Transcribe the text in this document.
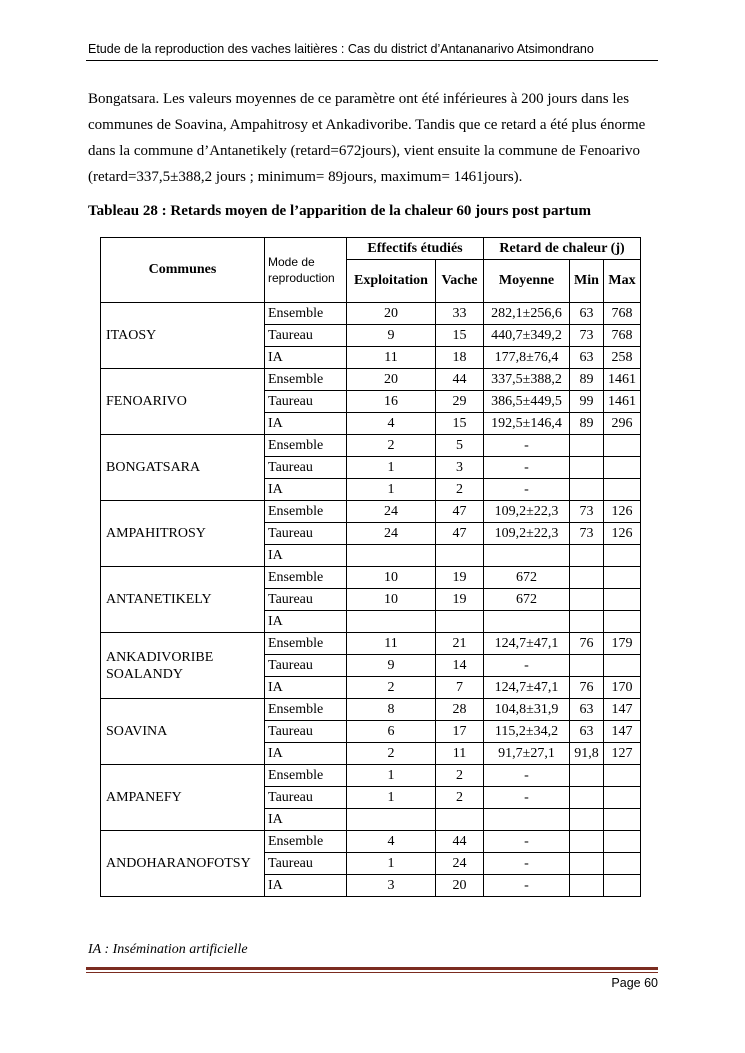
Etude de la reproduction des vaches laitières : Cas du district d’Antananarivo Atsimondrano

Bongatsara. Les valeurs moyennes de ce paramètre ont été inférieures à 200 jours dans les communes de Soavina, Ampahitrosy et Ankadivoribe. Tandis que ce retard a été plus énorme dans la commune d’Antanetikely (retard=672jours), vient ensuite la commune de Fenoarivo (retard=337,5±388,2 jours ; minimum= 89jours, maximum= 1461jours).

Tableau 28 : Retards moyen de l’apparition de la chaleur 60 jours post partum
Communes	Mode de reproduction	Effectifs étudiés		Retard de chaleur (j)		
		Exploitation	Vache	Moyenne	Min	Max
ITAOSY	Ensemble	20	33	282,1±256,6	63	768
	Taureau	9	15	440,7±349,2	73	768
	IA	11	18	177,8±76,4	63	258
FENOARIVO	Ensemble	20	44	337,5±388,2	89	1461
	Taureau	16	29	386,5±449,5	99	1461
	IA	4	15	192,5±146,4	89	296
BONGATSARA	Ensemble	2	5	-		
	Taureau	1	3	-		
	IA	1	2	-		
AMPAHITROSY	Ensemble	24	47	109,2±22,3	73	126
	Taureau	24	47	109,2±22,3	73	126
	IA					
ANTANETIKELY	Ensemble	10	19	672		
	Taureau	10	19	672		
	IA					
ANKADIVORIBE SOALANDY	Ensemble	11	21	124,7±47,1	76	179
	Taureau	9	14	-		
	IA	2	7	124,7±47,1	76	170
SOAVINA	Ensemble	8	28	104,8±31,9	63	147
	Taureau	6	17	115,2±34,2	63	147
	IA	2	11	91,7±27,1	91,8	127
AMPANEFY	Ensemble	1	2	-		
	Taureau	1	2	-		
	IA					
ANDOHARANOFOTSY	Ensemble	4	44	-		
	Taureau	1	24	-		
	IA	3	20	-		
IA : Insémination artificielle
Page 60
